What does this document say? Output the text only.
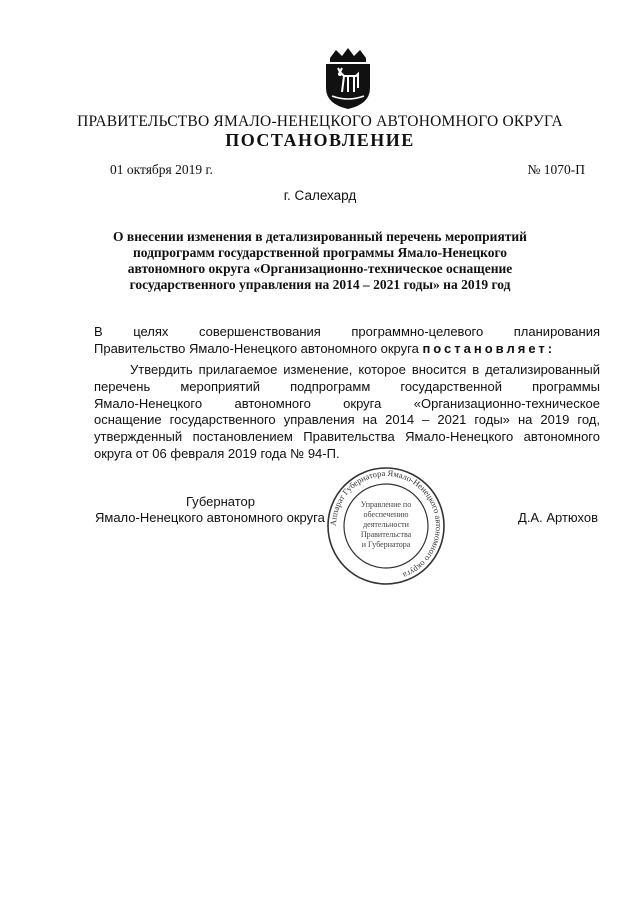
ПРАВИТЕЛЬСТВО ЯМАЛО-НЕНЕЦКОГО АВТОНОМНОГО ОКРУГА
ПОСТАНОВЛЕНИЕ
01 октября 2019 г.	№ 1070-П
г. Салехард
О внесении изменения в детализированный перечень мероприятий подпрограмм государственной программы Ямало-Ненецкого автономного округа «Организационно-техническое оснащение государственного управления на 2014 – 2021 годы» на 2019 год
В целях совершенствования программно-целевого планирования
Правительство Ямало-Ненецкого автономного округа постановляет:
Утвердить прилагаемое изменение, которое вносится в детализированный
перечень мероприятий подпрограмм государственной программы
Ямало-Ненецкого автономного округа «Организационно-техническое
оснащение государственного управления на 2014 – 2021 годы» на 2019 год,
утвержденный постановлением Правительства Ямало-Ненецкого автономного
округа от 06 февраля 2019 года № 94-П.
Губернатор
Ямало-Ненецкого автономного округа	Д.А. Артюхов
Аппарат Губернатора Ямало-Ненецкого автономного округа
Управление по
обеспечению
деятельности
Правительства
и Губернатора
